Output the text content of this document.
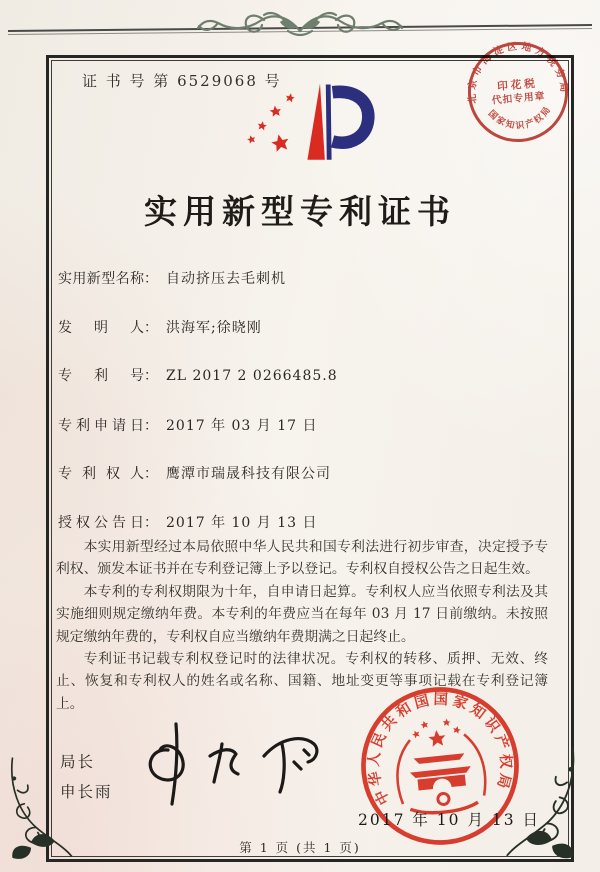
证 书 号 第 6529068 号
北京市海淀区地方税务局
印花税
代扣专用章
国家知识产权局
实用新型专利证书
实用新型名称： 自动挤压去毛刺机
发明人： 洪海军;徐晓刚
专利号： ZL 2017 2 0266485.8
专利申请日： 2017 年 03 月 17 日
专利权人： 鹰潭市瑞晟科技有限公司
授权公告日： 2017 年 10 月 13 日

本实用新型经过本局依照中华人民共和国专利法进行初步审查，决定授予专利权、颁发本证书并在专利登记簿上予以登记。专利权自授权公告之日起生效。

本专利的专利权期限为十年，自申请日起算。专利权人应当依照专利法及其实施细则规定缴纳年费。本专利的年费应当在每年 03 月 17 日前缴纳。未按照规定缴纳年费的，专利权自应当缴纳年费期满之日起终止。

专利证书记载专利权登记时的法律状况。专利权的转移、质押、无效、终止、恢复和专利权人的姓名或名称、国籍、地址变更等事项记载在专利登记簿上。

局长
申长雨	中华人民共和国国家知识产权局
2017 年 10 月 13 日
第 1 页 (共 1 页)
